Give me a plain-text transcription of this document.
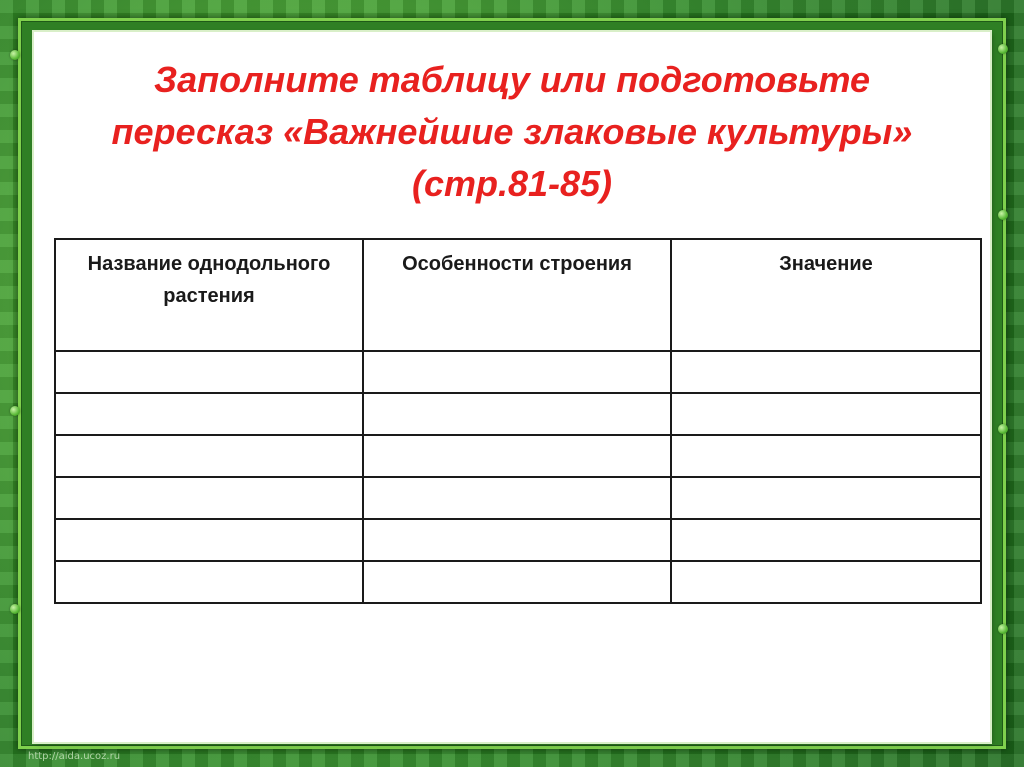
Заполните таблицу или подготовьте
пересказ «Важнейшие злаковые культуры»
(стр.81-85)
Название однодольного растения	Особенности строения	Значение

http://aida.ucoz.ru
